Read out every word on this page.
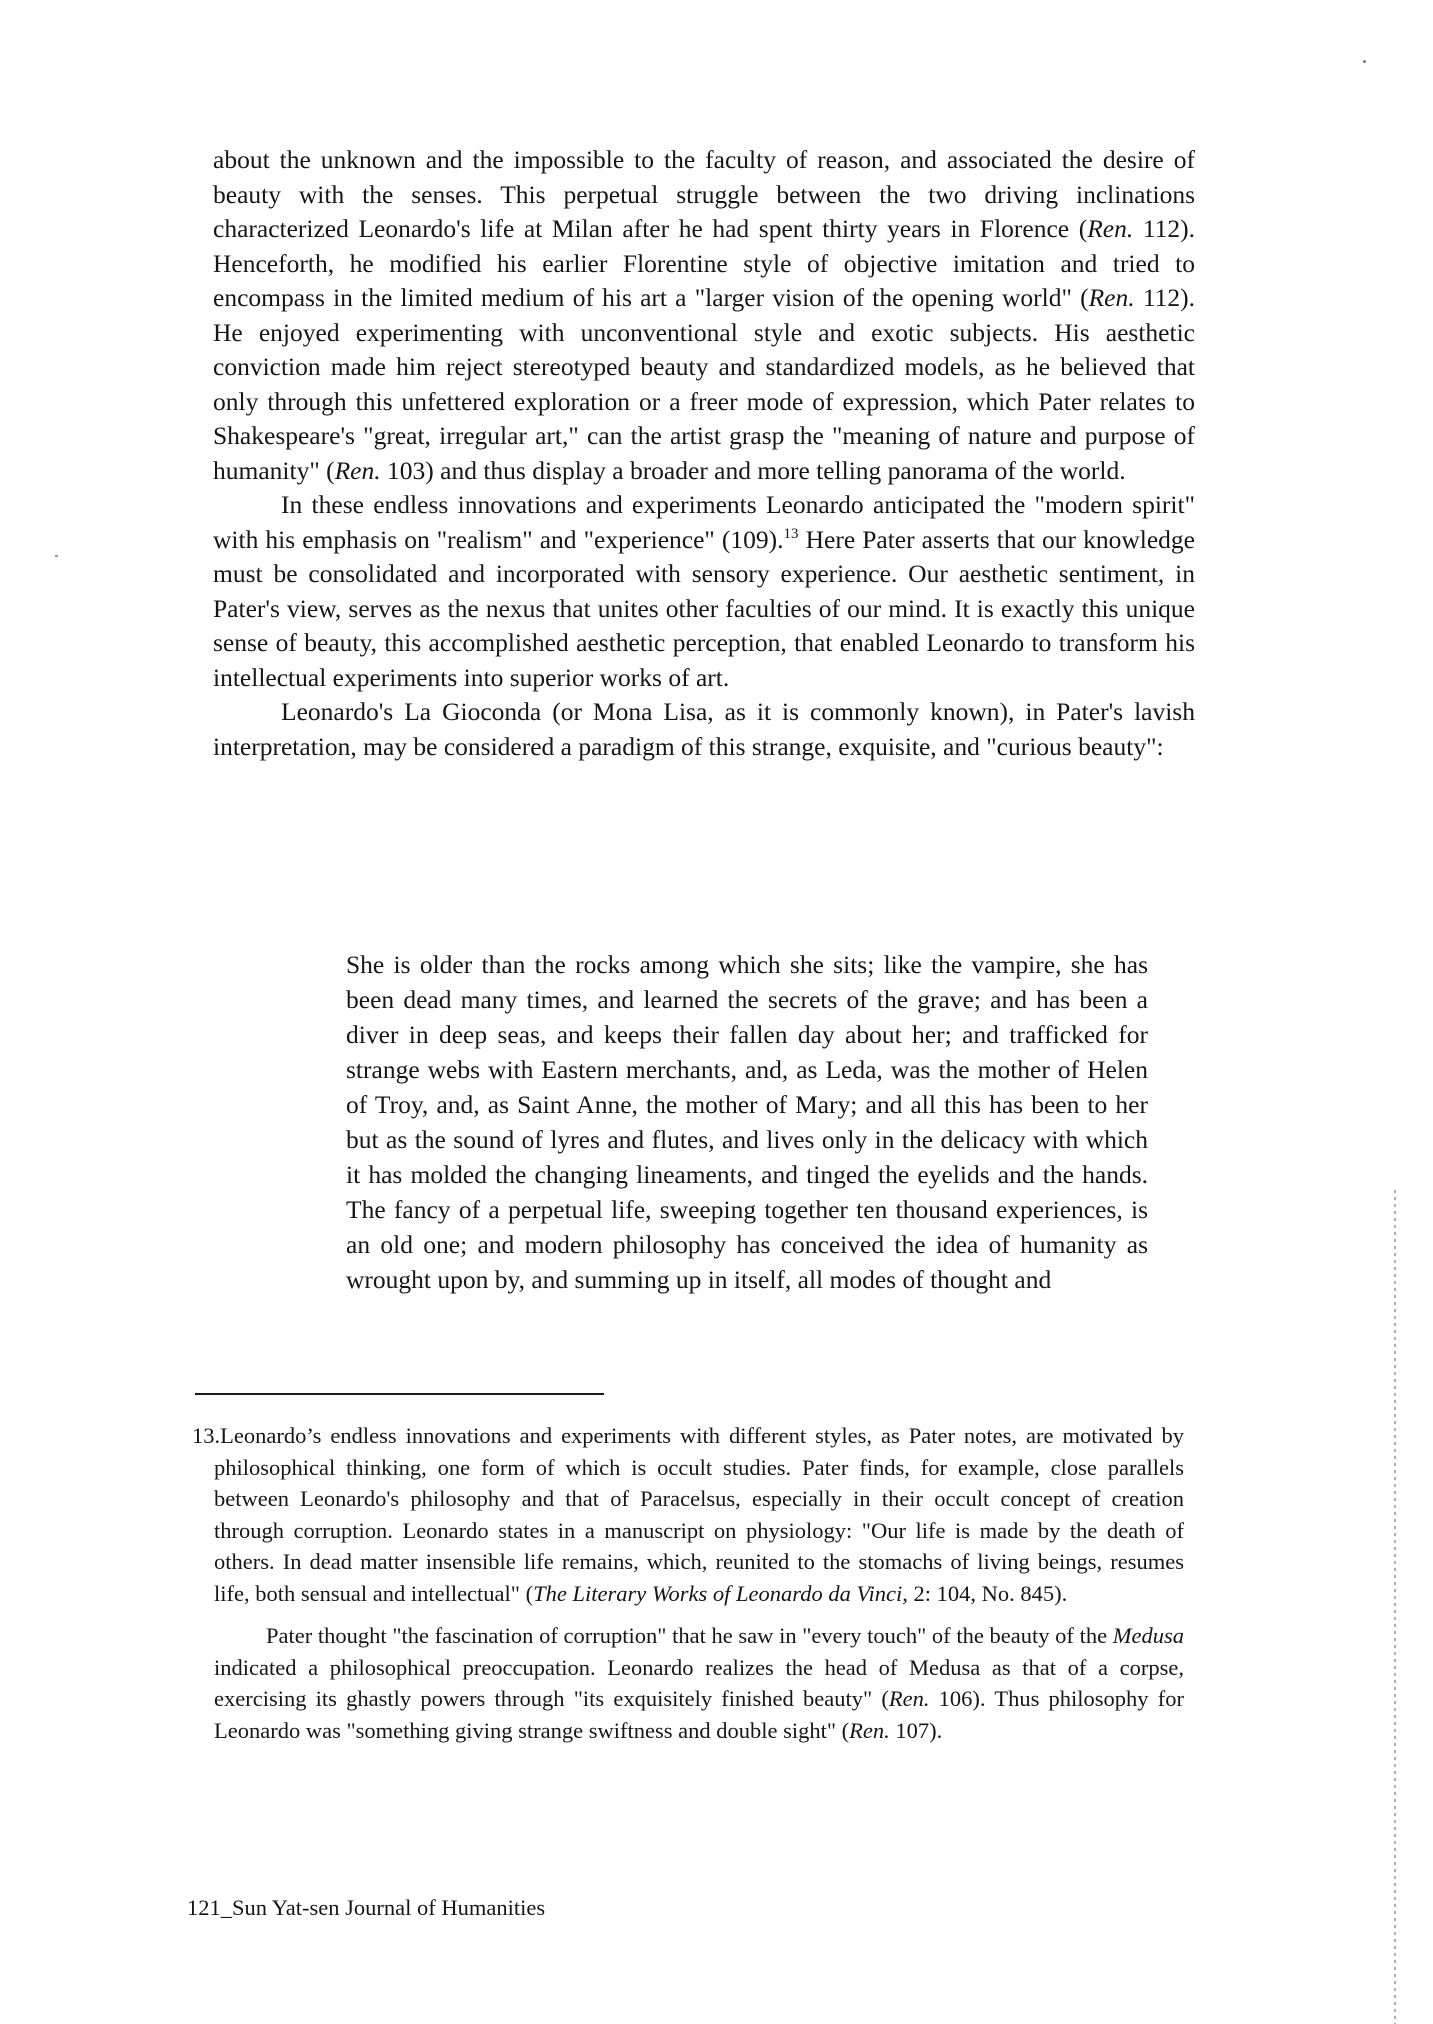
about the unknown and the impossible to the faculty of reason, and associated the desire of beauty with the senses. This perpetual struggle between the two driving inclinations characterized Leonardo's life at Milan after he had spent thirty years in Florence (Ren. 112). Henceforth, he modified his earlier Florentine style of objective imitation and tried to encompass in the limited medium of his art a "larger vision of the opening world" (Ren. 112). He enjoyed experimenting with unconventional style and exotic subjects. His aesthetic conviction made him reject stereotyped beauty and standardized models, as he believed that only through this unfettered exploration or a freer mode of expression, which Pater relates to Shakespeare's "great, irregular art," can the artist grasp the "meaning of nature and purpose of humanity" (Ren. 103) and thus display a broader and more telling panorama of the world.

In these endless innovations and experiments Leonardo anticipated the "modern spirit" with his emphasis on "realism" and "experience" (109).$^{13}$ Here Pater asserts that our knowledge must be consolidated and incorporated with sensory experience. Our aesthetic sentiment, in Pater's view, serves as the nexus that unites other faculties of our mind. It is exactly this unique sense of beauty, this accomplished aesthetic perception, that enabled Leonardo to transform his intellectual experiments into superior works of art.

Leonardo's La Gioconda (or Mona Lisa, as it is commonly known), in Pater's lavish interpretation, may be considered a paradigm of this strange, exquisite, and "curious beauty":

She is older than the rocks among which she sits; like the vampire, she has been dead many times, and learned the secrets of the grave; and has been a diver in deep seas, and keeps their fallen day about her; and trafficked for strange webs with Eastern merchants, and, as Leda, was the mother of Helen of Troy, and, as Saint Anne, the mother of Mary; and all this has been to her but as the sound of lyres and flutes, and lives only in the delicacy with which it has molded the changing lineaments, and tinged the eyelids and the hands. The fancy of a perpetual life, sweeping together ten thousand experiences, is an old one; and modern philosophy has conceived the idea of humanity as wrought upon by, and summing up in itself, all modes of thought and

13.Leonardo’s endless innovations and experiments with different styles, as Pater notes, are motivated by philosophical thinking, one form of which is occult studies. Pater finds, for example, close parallels between Leonardo's philosophy and that of Paracelsus, especially in their occult concept of creation through corruption. Leonardo states in a manuscript on physiology: "Our life is made by the death of others. In dead matter insensible life remains, which, reunited to the stomachs of living beings, resumes life, both sensual and intellectual" (The Literary Works of Leonardo da Vinci, 2: 104, No. 845).

Pater thought "the fascination of corruption" that he saw in "every touch" of the beauty of the Medusa indicated a philosophical preoccupation. Leonardo realizes the head of Medusa as that of a corpse, exercising its ghastly powers through "its exquisitely finished beauty" (Ren. 106). Thus philosophy for Leonardo was "something giving strange swiftness and double sight" (Ren. 107).

121_Sun Yat-sen Journal of Humanities
